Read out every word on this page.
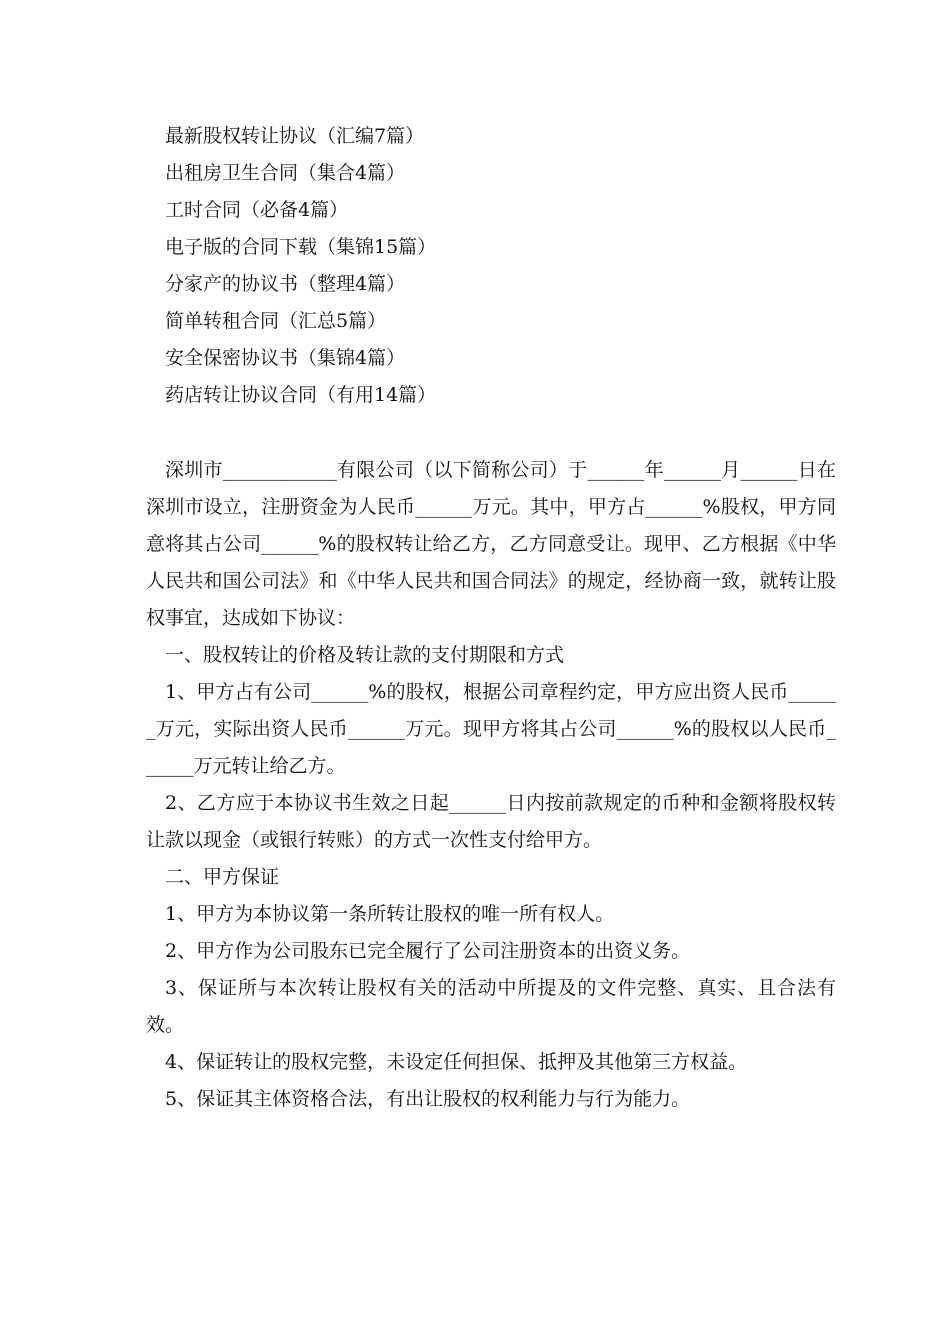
最新股权转让协议（汇编7篇）
出租房卫生合同（集合4篇）
工时合同（必备4篇）
电子版的合同下载（集锦15篇）
分家产的协议书（整理4篇）
简单转租合同（汇总5篇）
安全保密协议书（集锦4篇）
药店转让协议合同（有用14篇）

深圳市____________有限公司（以下简称公司）于______年______月______日在深圳市设立，注册资金为人民币______万元。其中，甲方占______%股权，甲方同意将其占公司______%的股权转让给乙方，乙方同意受让。现甲、乙方根据《中华人民共和国公司法》和《中华人民共和国合同法》的规定，经协商一致，就转让股权事宜，达成如下协议：

一、股权转让的价格及转让款的支付期限和方式

1、甲方占有公司______%的股权，根据公司章程约定，甲方应出资人民币______万元，实际出资人民币______万元。现甲方将其占公司______%的股权以人民币______万元转让给乙方。

2、乙方应于本协议书生效之日起______日内按前款规定的币种和金额将股权转让款以现金（或银行转账）的方式一次性支付给甲方。

二、甲方保证

1、甲方为本协议第一条所转让股权的唯一所有权人。

2、甲方作为公司股东已完全履行了公司注册资本的出资义务。

3、保证所与本次转让股权有关的活动中所提及的文件完整、真实、且合法有效。

4、保证转让的股权完整，未设定任何担保、抵押及其他第三方权益。

5、保证其主体资格合法，有出让股权的权利能力与行为能力。
